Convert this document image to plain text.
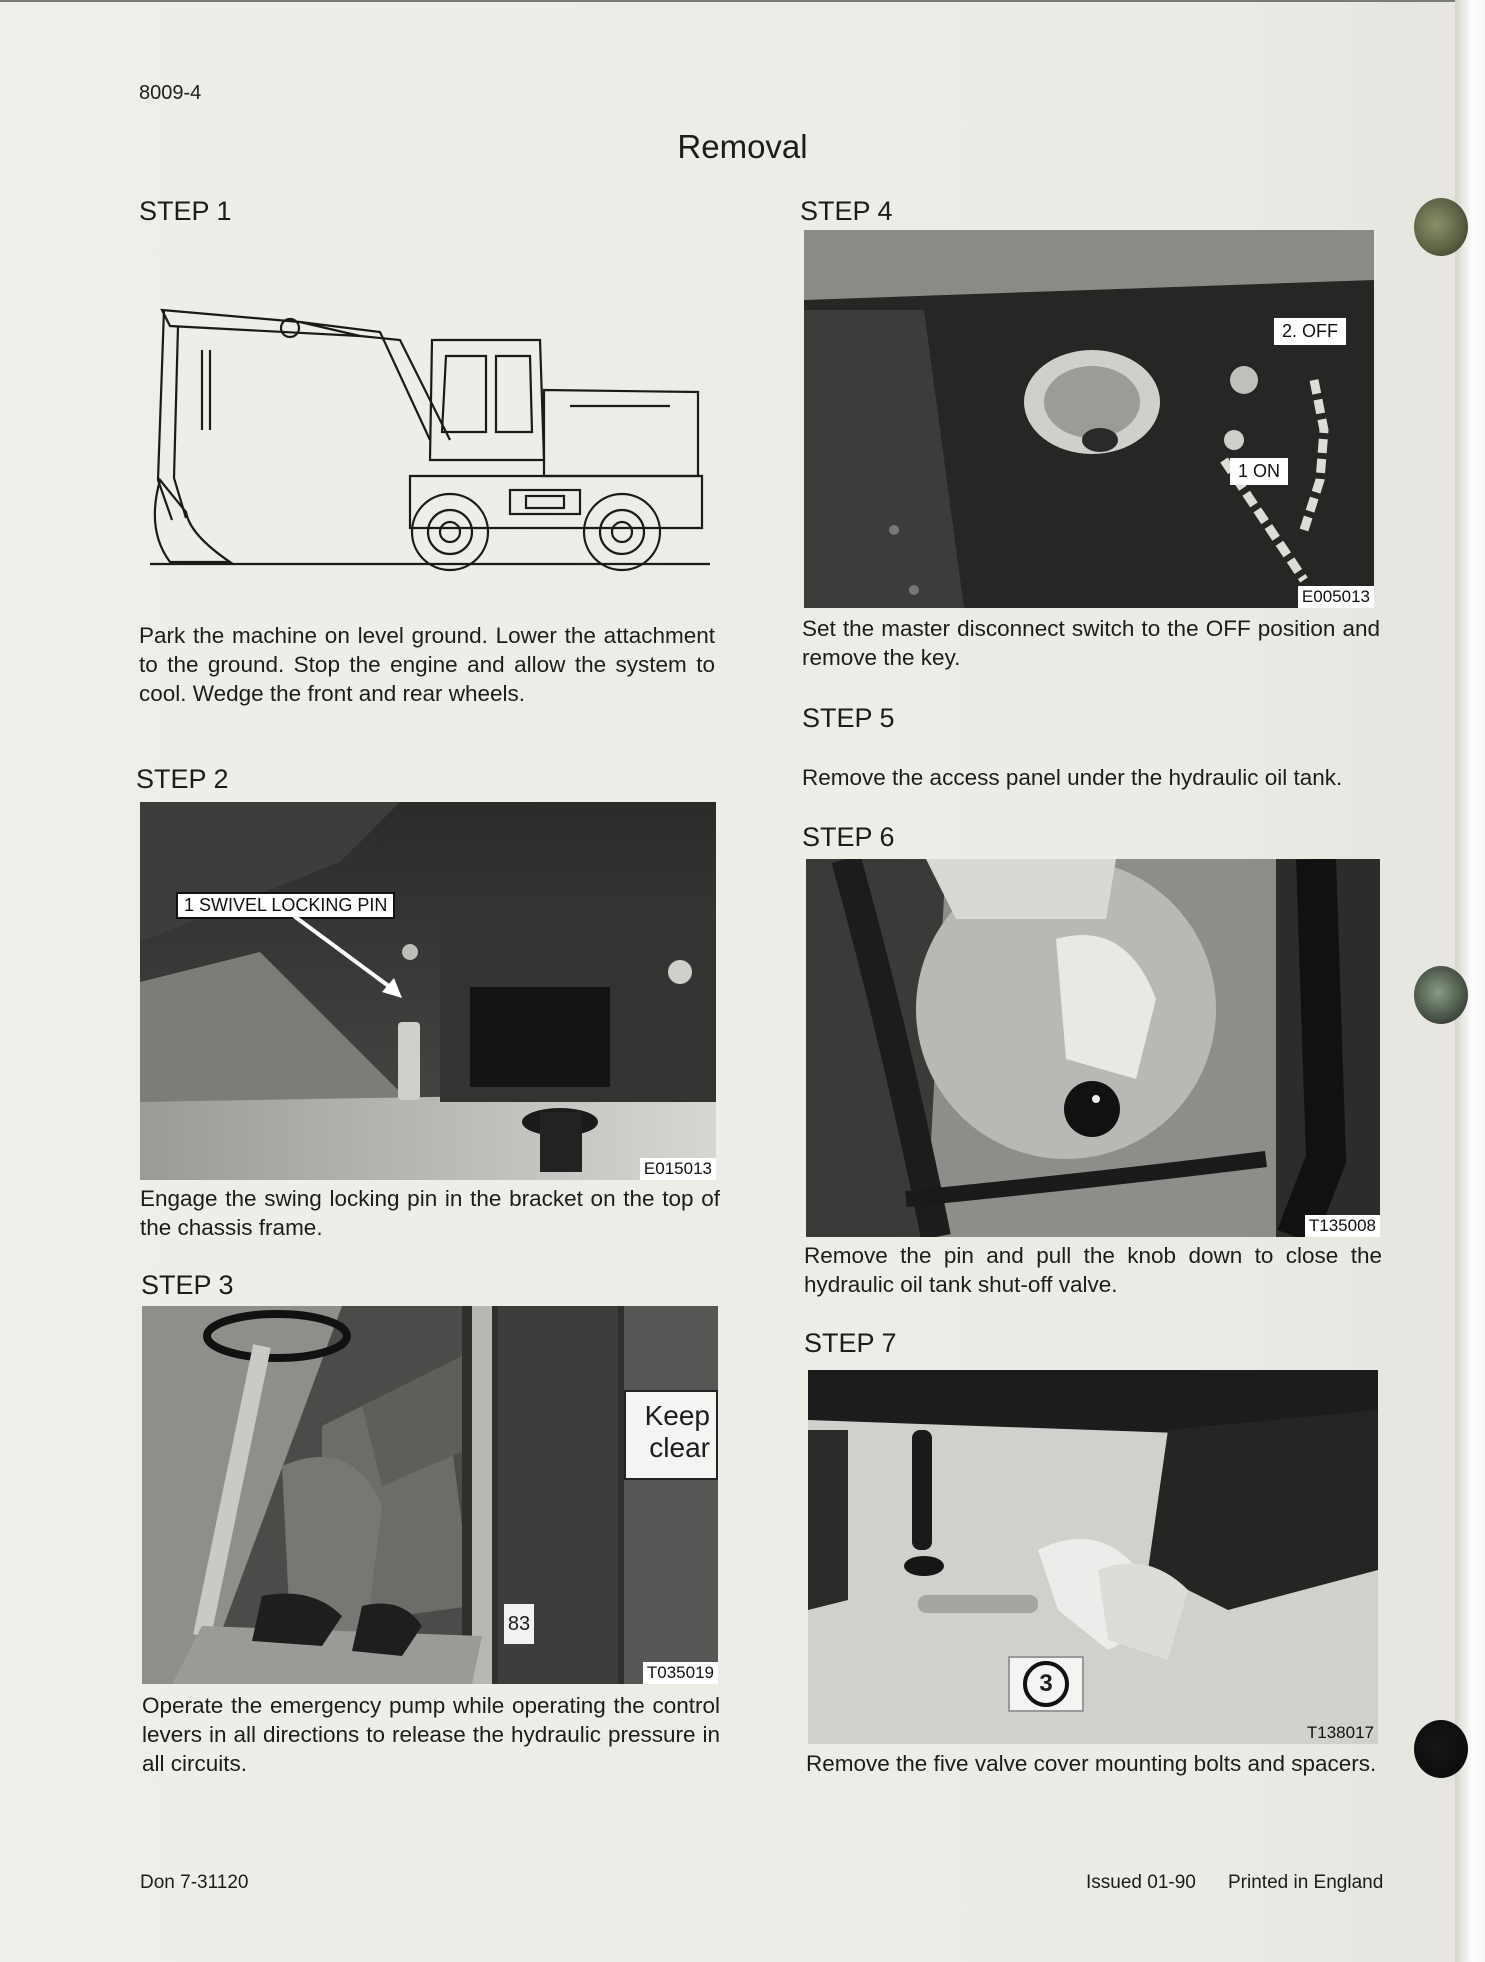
8009-4
Removal
STEP 1
Park the machine on level ground. Lower the attachment to the ground. Stop the engine and allow the system to cool. Wedge the front and rear wheels.
STEP 2
1 SWIVEL LOCKING PIN
E015013
Engage the swing locking pin in the bracket on the top of the chassis frame.
STEP 3
Keep
clear
83
T035019
Operate the emergency pump while operating the control levers in all directions to release the hydraulic pressure in all circuits.
STEP 4
2. OFF
1 ON
E005013
Set the master disconnect switch to the OFF position and remove the key.
STEP 5
Remove the access panel under the hydraulic oil tank.
STEP 6
T135008
Remove the pin and pull the knob down to close the hydraulic oil tank shut-off valve.
STEP 7
3
T138017
Remove the five valve cover mounting bolts and spacers.
Don 7-31120	Issued 01-90 Printed in England
